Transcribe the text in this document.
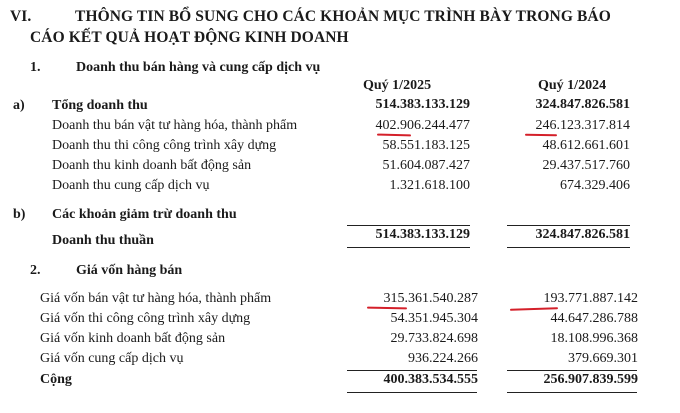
VI.	THÔNG TIN BỔ SUNG CHO CÁC KHOẢN MỤC TRÌNH BÀY TRONG BÁO
CÁO KẾT QUẢ HOẠT ĐỘNG KINH DOANH
1.	Doanh thu bán hàng và cung cấp dịch vụ
Quý 1/2025	Quý 1/2024
a) Tổng doanh thu	514.383.133.129	324.847.826.581
Doanh thu bán vật tư hàng hóa, thành phẩm	402.906.244.477	246.123.317.814
Doanh thu thi công công trình xây dựng	58.551.183.125	48.612.661.601
Doanh thu kinh doanh bất động sản	51.604.087.427	29.437.517.760
Doanh thu cung cấp dịch vụ	1.321.618.100	674.329.406
b) Các khoản giảm trừ doanh thu
Doanh thu thuần	514.383.133.129	324.847.826.581
2.	Giá vốn hàng bán
Giá vốn bán vật tư hàng hóa, thành phẩm	315.361.540.287	193.771.887.142
Giá vốn thi công công trình xây dựng	54.351.945.304	44.647.286.788
Giá vốn kinh doanh bất động sản	29.733.824.698	18.108.996.368
Giá vốn cung cấp dịch vụ	936.224.266	379.669.301
Cộng	400.383.534.555	256.907.839.599
